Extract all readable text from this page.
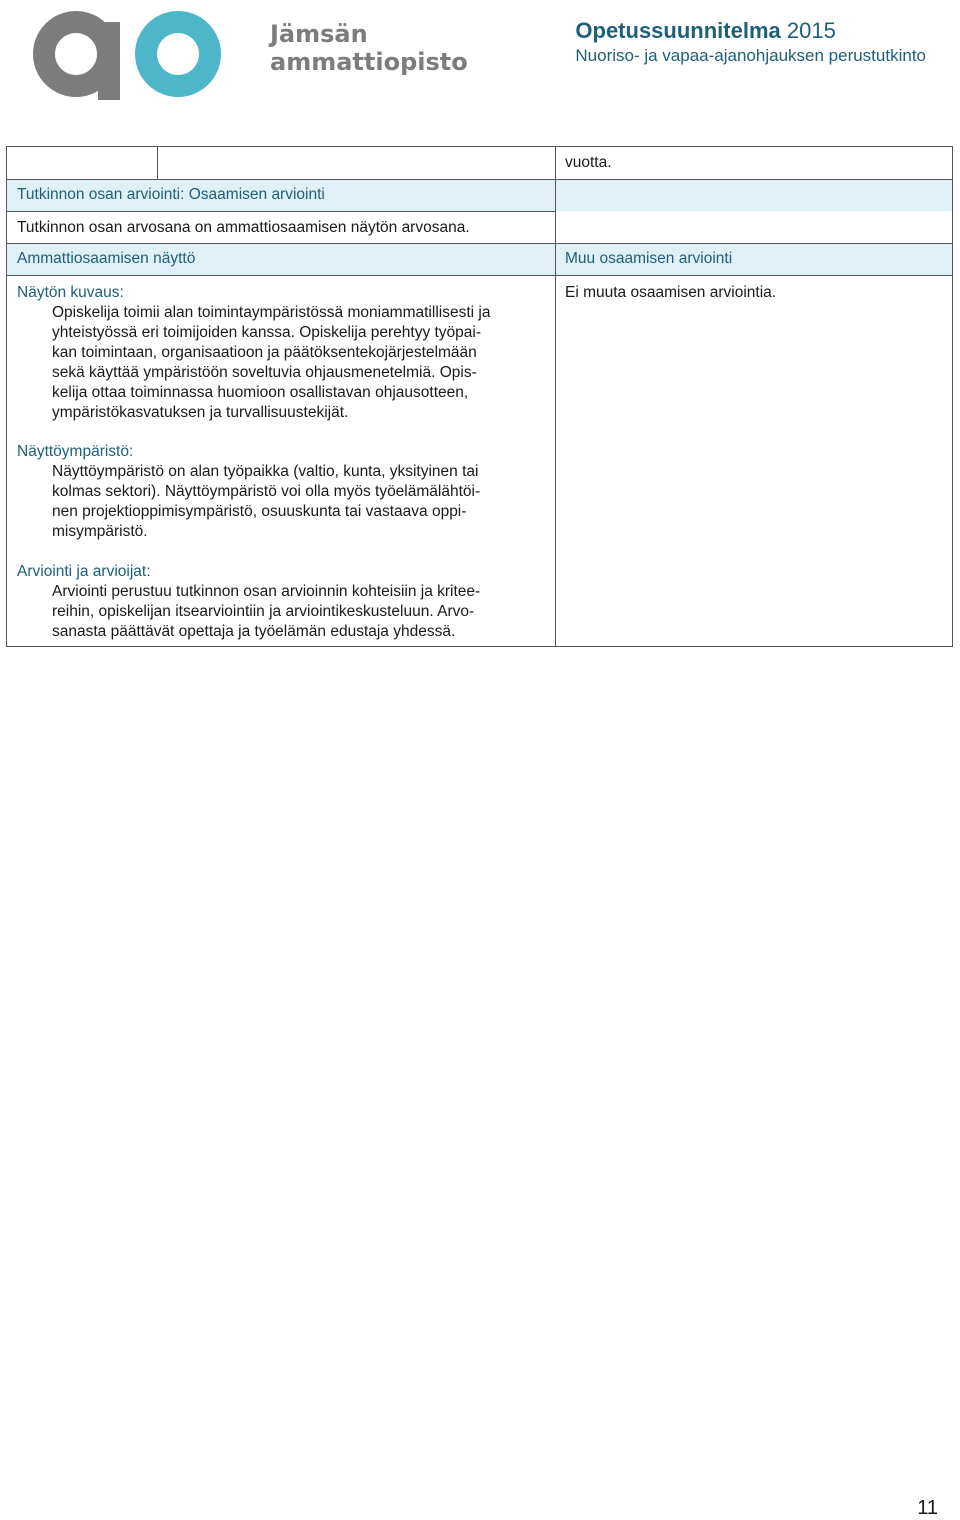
Jämsän
ammattiopisto
Opetussuunnitelma 2015
Nuoriso- ja vapaa-ajanohjauksen perustutkinto
vuotta.
Tutkinnon osan arviointi: Osaamisen arviointi
Tutkinnon osan arvosana on ammattiosaamisen näytön arvosana.
Ammattiosaamisen näyttö	Muu osaamisen arviointi
Ei muuta osaamisen arviointia.
Näytön kuvaus:
Opiskelija toimii alan toimintaympäristössä moniammatillisesti ja
yhteistyössä eri toimijoiden kanssa. Opiskelija perehtyy työpai-
kan toimintaan, organisaatioon ja päätöksentekojärjestelmään
sekä käyttää ympäristöön soveltuvia ohjausmenetelmiä. Opis-
kelija ottaa toiminnassa huomioon osallistavan ohjausotteen,
ympäristökasvatuksen ja turvallisuustekijät.
Näyttöympäristö:
Näyttöympäristö on alan työpaikka (valtio, kunta, yksityinen tai
kolmas sektori). Näyttöympäristö voi olla myös työelämälähtöi-
nen projektioppimisympäristö, osuuskunta tai vastaava oppi-
misympäristö.
Arviointi ja arvioijat:
Arviointi perustuu tutkinnon osan arvioinnin kohteisiin ja kritee-
reihin, opiskelijan itsearviointiin ja arviointikeskusteluun. Arvo-
sanasta päättävät opettaja ja työelämän edustaja yhdessä.
11
